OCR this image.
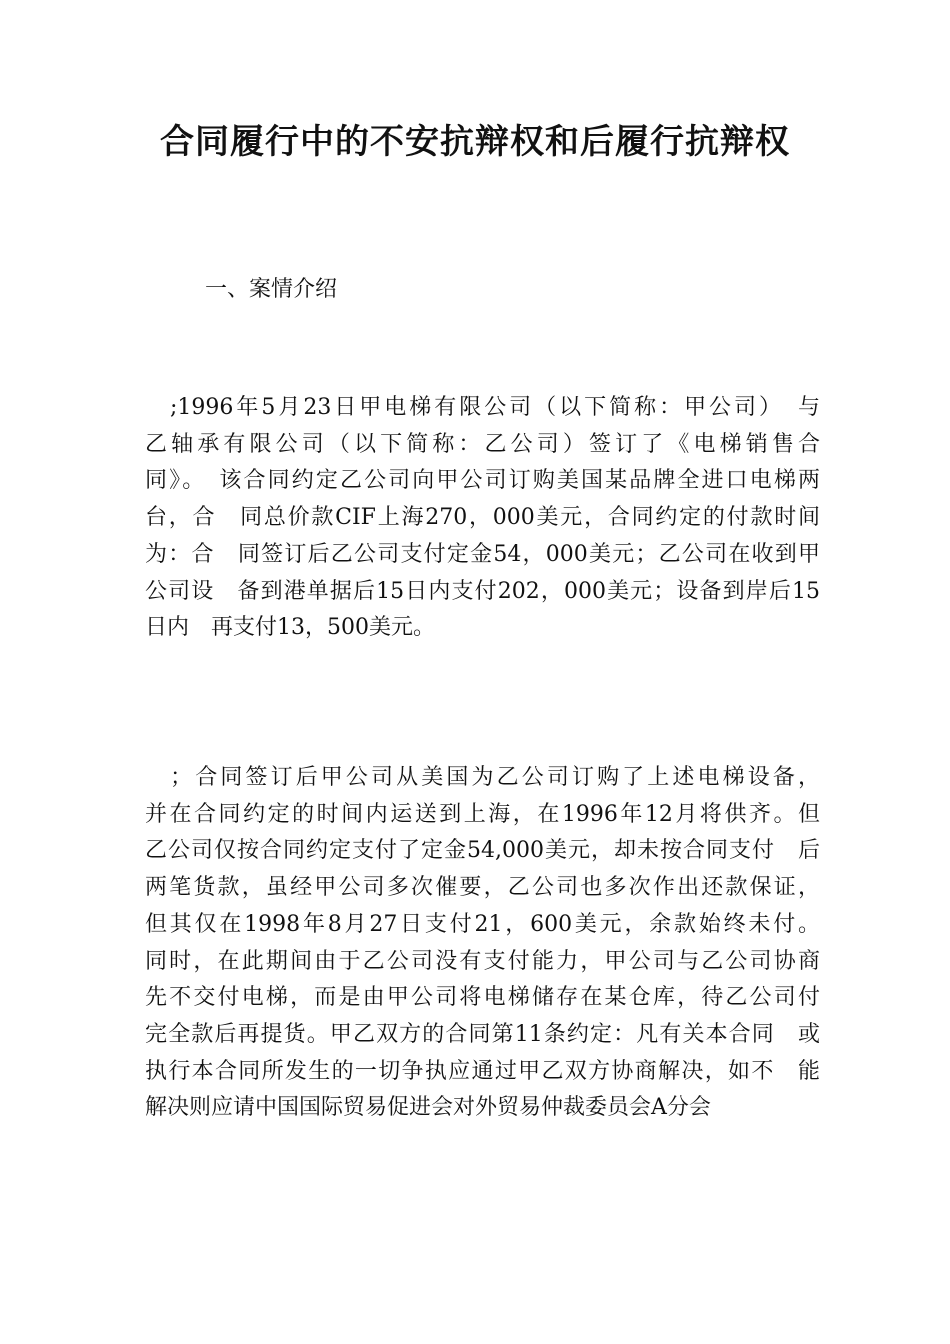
合同履行中的不安抗辩权和后履行抗辩权
一、案情介绍

　;1996年5月23日甲电梯有限公司（以下简称：甲公司）　与
乙轴承有限公司（以下简称：乙公司）签订了《电梯销售合
同》。　该合同约定乙公司向甲公司订购美国某品牌全进口电梯两
台，合　同总价款CIF上海270，000美元，合同约定的付款时间
为：合　同签订后乙公司支付定金54，000美元；乙公司在收到甲
公司设　备到港单据后15日内支付202，000美元；设备到岸后15
日内　再支付13，500美元。

　；合同签订后甲公司从美国为乙公司订购了上述电梯设备，
并在合同约定的时间内运送到上海，在1996年12月将供齐。但
乙公司仅按合同约定支付了定金54,000美元，却未按合同支付　后
两笔货款，虽经甲公司多次催要，乙公司也多次作出还款保证，
但其仅在1998年8月27日支付21，600美元，余款始终未付。
同时，在此期间由于乙公司没有支付能力，甲公司与乙公司协商
先不交付电梯，而是由甲公司将电梯储存在某仓库，待乙公司付
完全款后再提货。甲乙双方的合同第11条约定：凡有关本合同　或
执行本合同所发生的一切争执应通过甲乙双方协商解决，如不　能
解决则应请中国国际贸易促进会对外贸易仲裁委员会A分会
